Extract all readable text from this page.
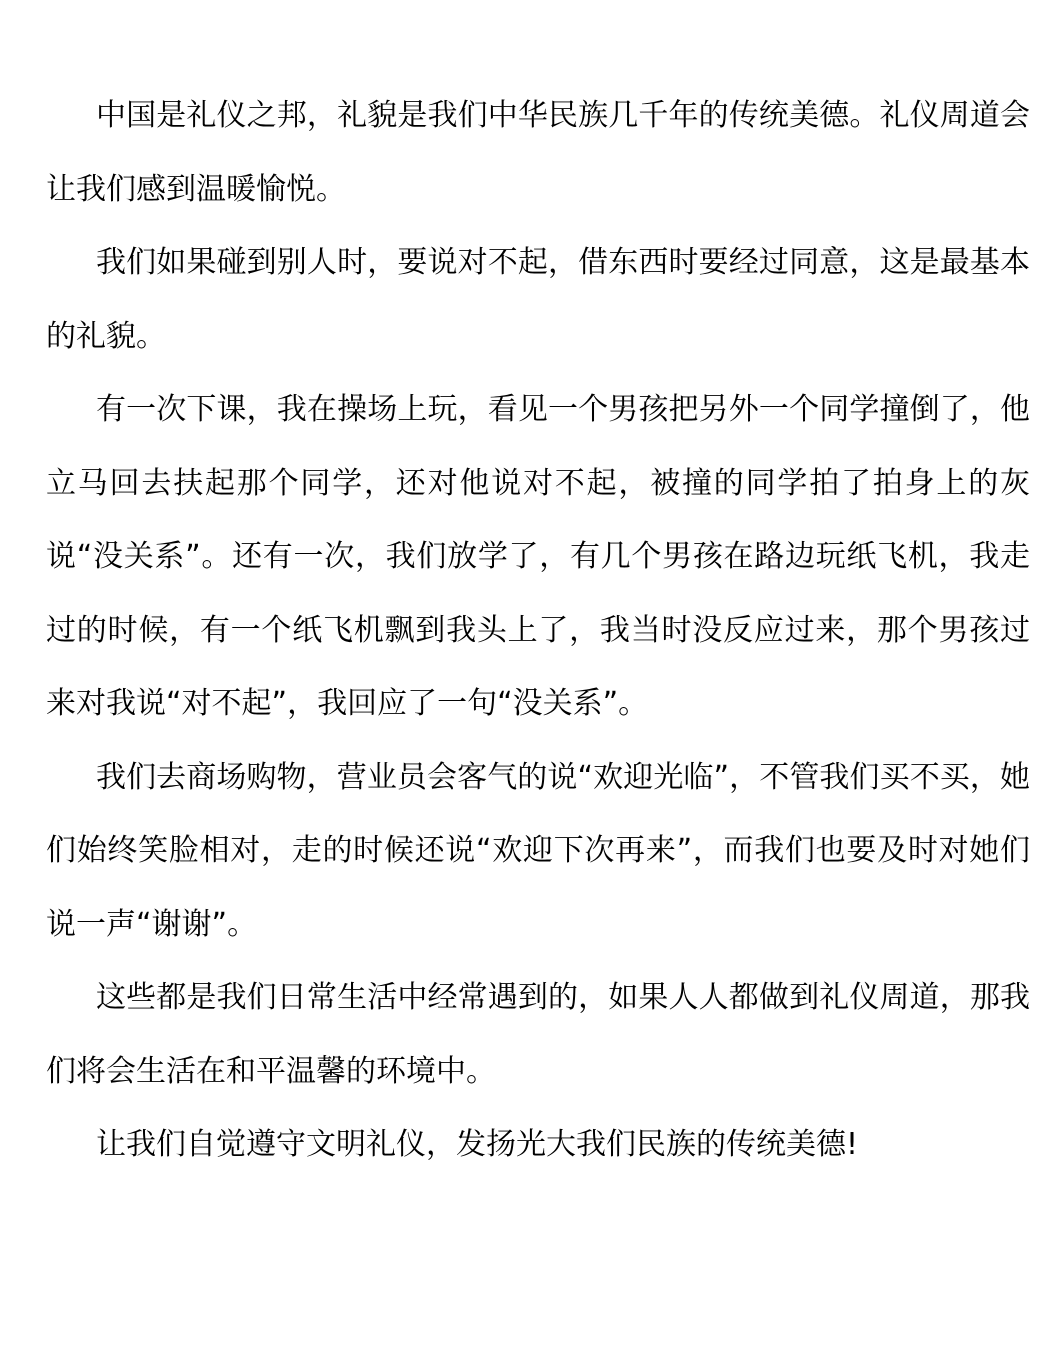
中国是礼仪之邦，礼貌是我们中华民族几千年的传统美德。礼仪周道会让我们感到温暖愉悦。

我们如果碰到别人时，要说对不起，借东西时要经过同意，这是最基本的礼貌。

有一次下课，我在操场上玩，看见一个男孩把另外一个同学撞倒了，他立马回去扶起那个同学，还对他说对不起，被撞的同学拍了拍身上的灰说“没关系”。还有一次，我们放学了，有几个男孩在路边玩纸飞机，我走过的时候，有一个纸飞机飘到我头上了，我当时没反应过来，那个男孩过来对我说“对不起”，我回应了一句“没关系”。

我们去商场购物，营业员会客气的说“欢迎光临”，不管我们买不买，她们始终笑脸相对，走的时候还说“欢迎下次再来”，而我们也要及时对她们说一声“谢谢”。

这些都是我们日常生活中经常遇到的，如果人人都做到礼仪周道，那我们将会生活在和平温馨的环境中。

让我们自觉遵守文明礼仪，发扬光大我们民族的传统美德!
